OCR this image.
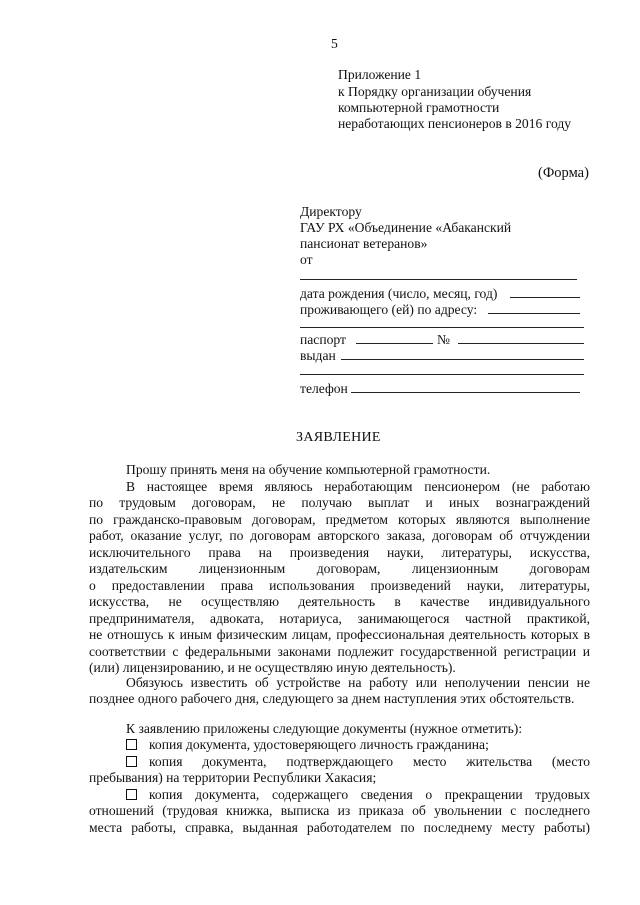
5
Приложение 1
к Порядку организации обучения
компьютерной грамотности
неработающих пенсионеров в 2016 году
(Форма)
Директору
ГАУ РХ «Объединение «Абаканский
пансионат ветеранов»
от
дата рождения (число, месяц, год)
проживающего (ей) по адресу:
паспорт	№
выдан
телефон
ЗАЯВЛЕНИЕ
Прошу принять меня на обучение компьютерной грамотности.
В настоящее время являюсь неработающим пенсионером (не работаю
по трудовым договорам, не получаю выплат и иных вознаграждений
по гражданско-правовым договорам, предметом которых являются выполнение
работ, оказание услуг, по договорам авторского заказа, договорам об отчуждении
исключительного права на произведения науки, литературы, искусства,
издательским лицензионным договорам, лицензионным договорам
о предоставлении права использования произведений науки, литературы,
искусства, не осуществляю деятельность в качестве индивидуального
предпринимателя, адвоката, нотариуса, занимающегося частной практикой,
не отношусь к иным физическим лицам, профессиональная деятельность которых в
соответствии с федеральными законами подлежит государственной регистрации и
(или) лицензированию, и не осуществляю иную деятельность).
Обязуюсь известить об устройстве на работу или неполучении пенсии не
позднее одного рабочего дня, следующего за днем наступления этих обстоятельств.
К заявлению приложены следующие документы (нужное отметить):
копия документа, удостоверяющего личность гражданина;
копия документа, подтверждающего место жительства (место
пребывания) на территории Республики Хакасия;
копия документа, содержащего сведения о прекращении трудовых
отношений (трудовая книжка, выписка из приказа об увольнении с последнего
места работы, справка, выданная работодателем по последнему месту работы)
